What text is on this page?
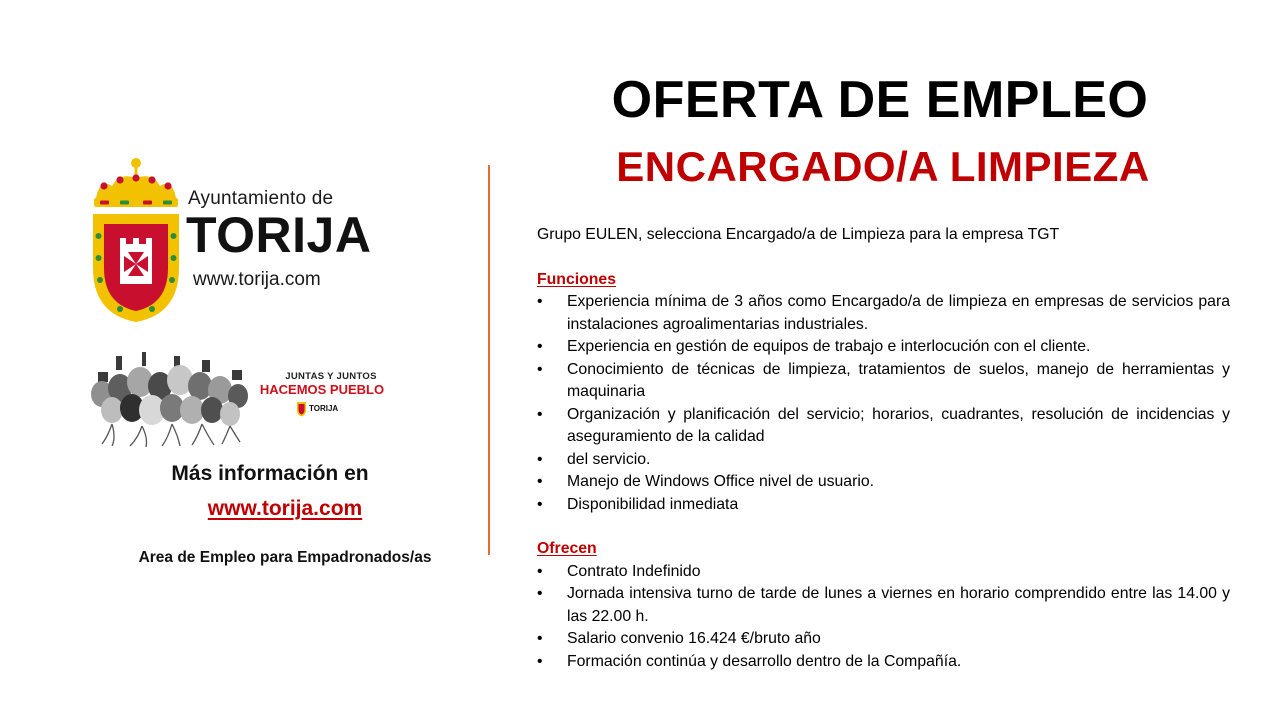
Ayuntamiento de
TORIJA
www.torija.com
JUNTAS Y JUNTOS
HACEMOS PUEBLO
TORIJA
Más información en
www.torija.com
Area de Empleo para Empadronados/as
OFERTA DE EMPLEO
ENCARGADO/A LIMPIEZA
Grupo EULEN, selecciona Encargado/a de Limpieza para la empresa TGT
Funciones
• Experiencia mínima de 3 años como Encargado/a de limpieza en empresas de servicios para instalaciones agroalimentarias industriales.
• Experiencia en gestión de equipos de trabajo e interlocución con el cliente.
• Conocimiento de técnicas de limpieza, tratamientos de suelos, manejo de herramientas y maquinaria
• Organización y planificación del servicio; horarios, cuadrantes, resolución de incidencias y aseguramiento de la calidad
• del servicio.
• Manejo de Windows Office nivel de usuario.
• Disponibilidad inmediata
Ofrecen
• Contrato Indefinido
• Jornada intensiva turno de tarde de lunes a viernes en horario comprendido entre las 14.00 y las 22.00 h.
• Salario convenio 16.424 €/bruto año
• Formación continúa y desarrollo dentro de la Compañía.
